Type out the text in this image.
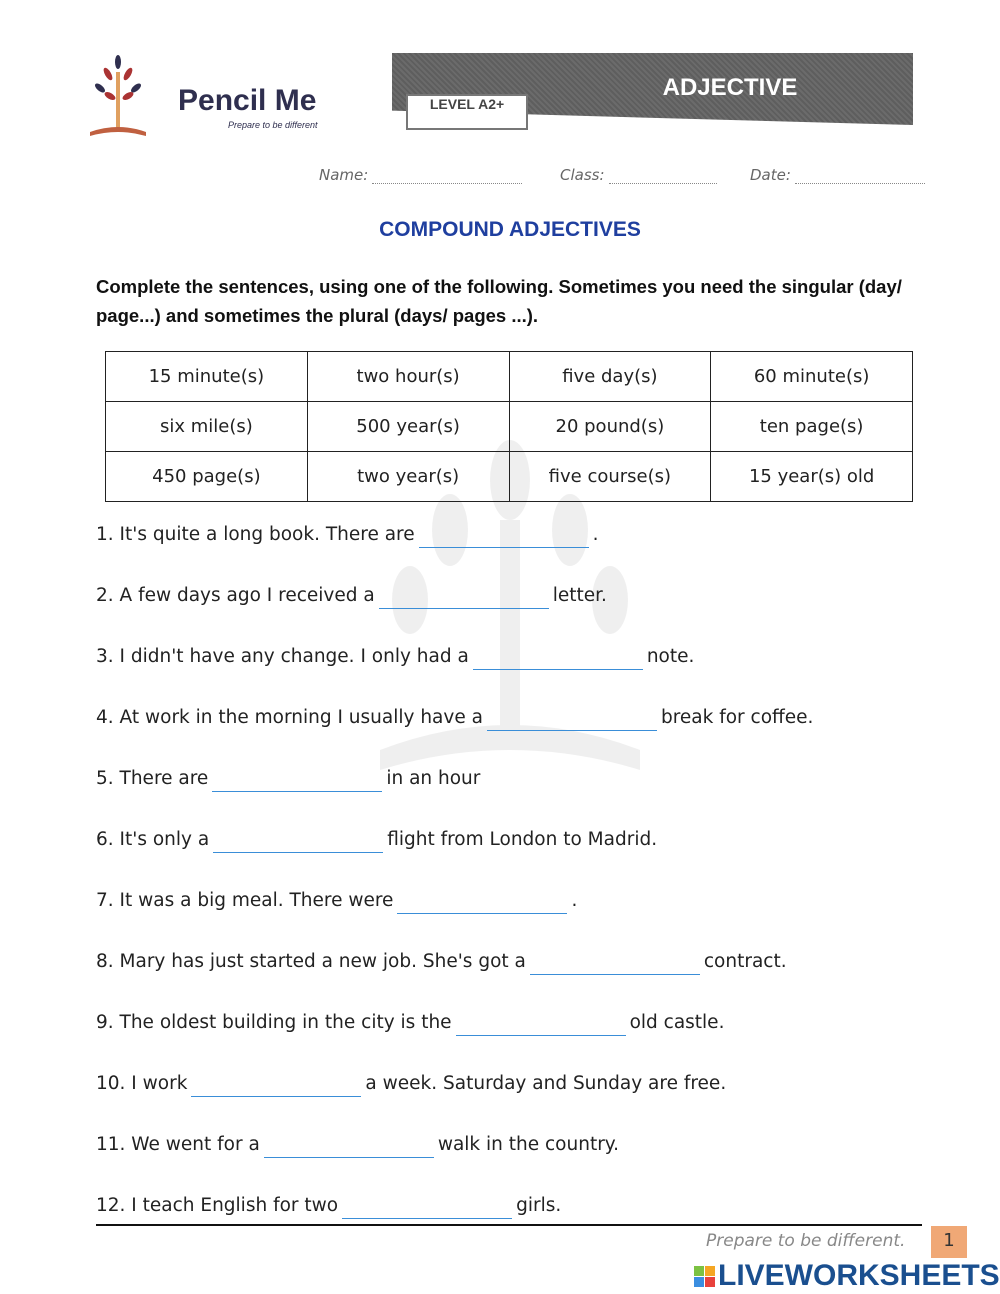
Pencil Me
Prepare to be different
ADJECTIVE
LEVEL A2+
Name:	Class:	Date:
COMPOUND ADJECTIVES
Complete the sentences, using one of the following. Sometimes you need the singular (day/ page...) and sometimes the plural (days/ pages ...).
15 minute(s)	two hour(s)	five day(s)	60 minute(s)
six mile(s)	500 year(s)	20 pound(s)	ten page(s)
450 page(s)	two year(s)	five course(s)	15 year(s) old
1. It's quite a long book. There are	.
2. A few days ago I received a	letter.
3. I didn't have any change. I only had a	note.
4. At work in the morning I usually have a	break for coffee.
5. There are	in an hour
6. It's only a	flight from London to Madrid.
7. It was a big meal. There were	.
8. Mary has just started a new job. She's got a	contract.
9. The oldest building in the city is the	old castle.
10. I work	a week. Saturday and Sunday are free.
11. We went for a	walk in the country.
12. I teach English for two	girls.
Prepare to be different.	1
LIVEWORKSHEETS
